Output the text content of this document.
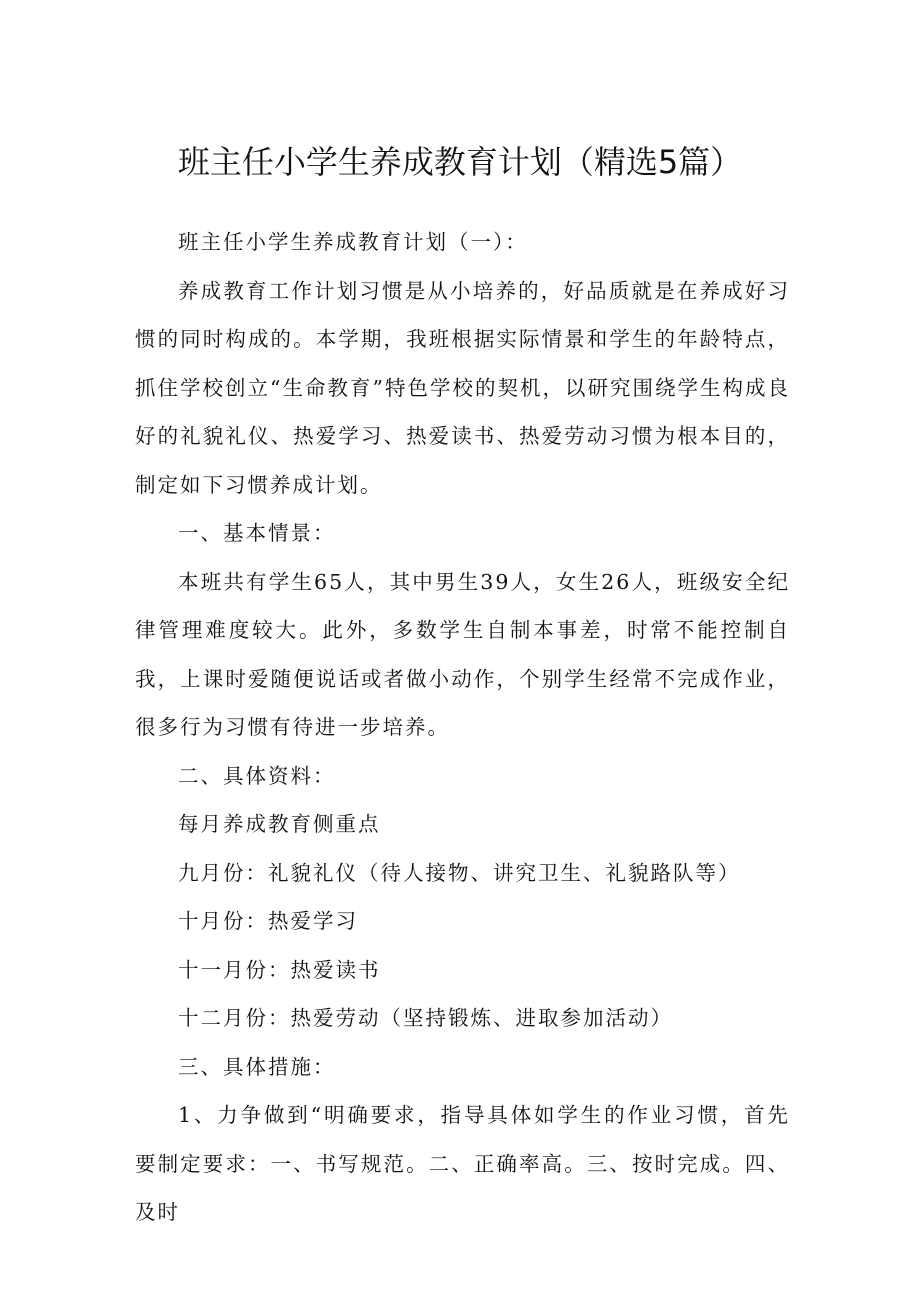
班主任小学生养成教育计划（精选5篇）

班主任小学生养成教育计划（一）：

养成教育工作计划习惯是从小培养的，好品质就是在养成好习惯的同时构成的。本学期，我班根据实际情景和学生的年龄特点，抓住学校创立“生命教育”特色学校的契机，以研究围绕学生构成良好的礼貌礼仪、热爱学习、热爱读书、热爱劳动习惯为根本目的，制定如下习惯养成计划。

一、基本情景：

本班共有学生65人，其中男生39人，女生26人，班级安全纪律管理难度较大。此外，多数学生自制本事差，时常不能控制自我，上课时爱随便说话或者做小动作，个别学生经常不完成作业，很多行为习惯有待进一步培养。

二、具体资料：

每月养成教育侧重点

九月份：礼貌礼仪（待人接物、讲究卫生、礼貌路队等）

十月份：热爱学习

十一月份：热爱读书

十二月份：热爱劳动（坚持锻炼、进取参加活动）

三、具体措施：

1、力争做到“明确要求，指导具体如学生的作业习惯，首先要制定要求：一、书写规范。二、正确率高。三、按时完成。四、及时
